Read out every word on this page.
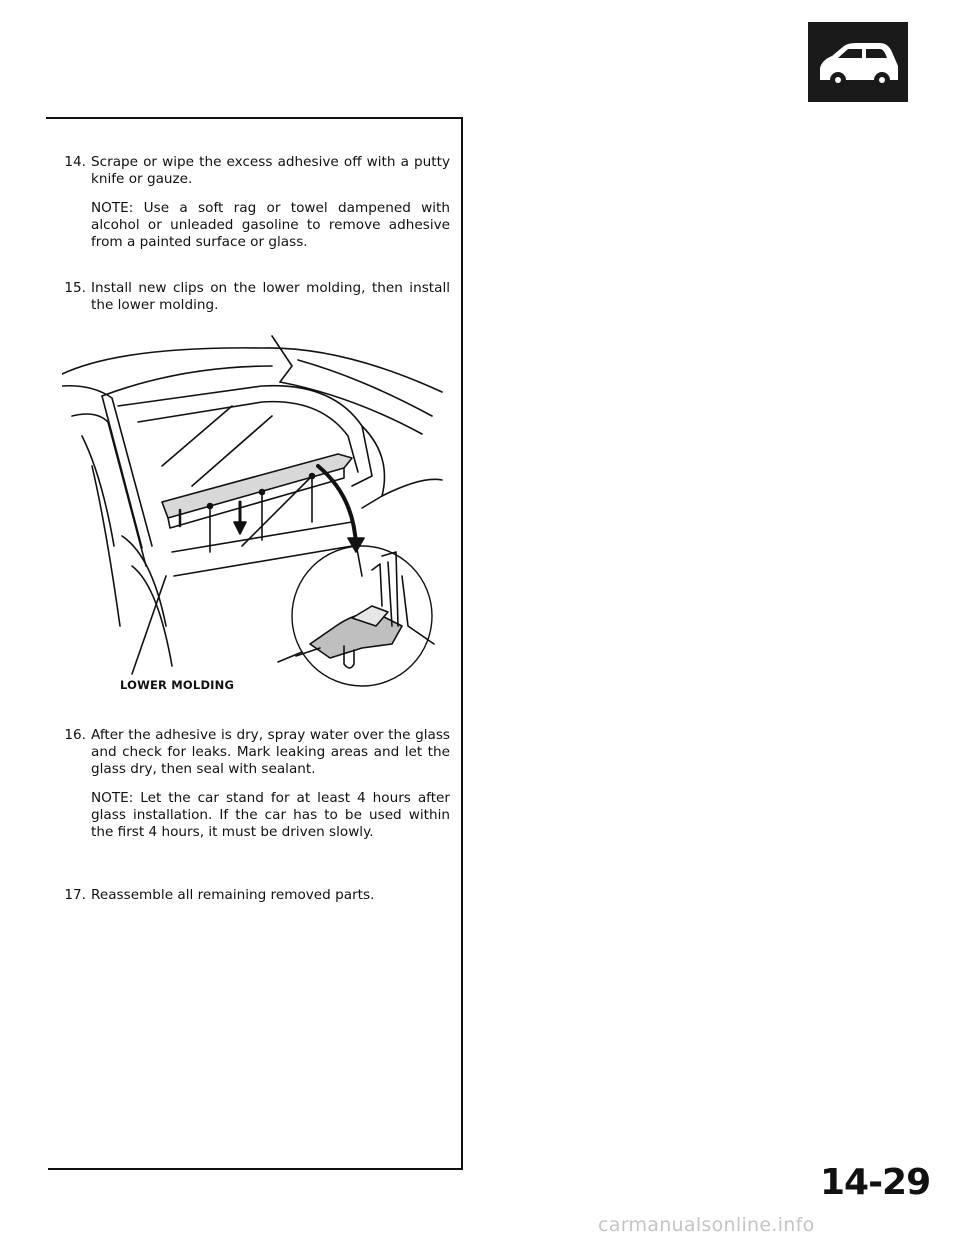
14. Scrape or wipe the excess adhesive off with a putty knife or gauze.
NOTE: Use a soft rag or towel dampened with alcohol or unleaded gasoline to remove adhesive from a painted surface or glass.
15. Install new clips on the lower molding, then install the lower molding.
LOWER MOLDING
16. After the adhesive is dry, spray water over the glass and check for leaks. Mark leaking areas and let the glass dry, then seal with sealant.
NOTE: Let the car stand for at least 4 hours after glass installation. If the car has to be used within the first 4 hours, it must be driven slowly.
17. Reassemble all remaining removed parts.
14-29
carmanualsonline.info
